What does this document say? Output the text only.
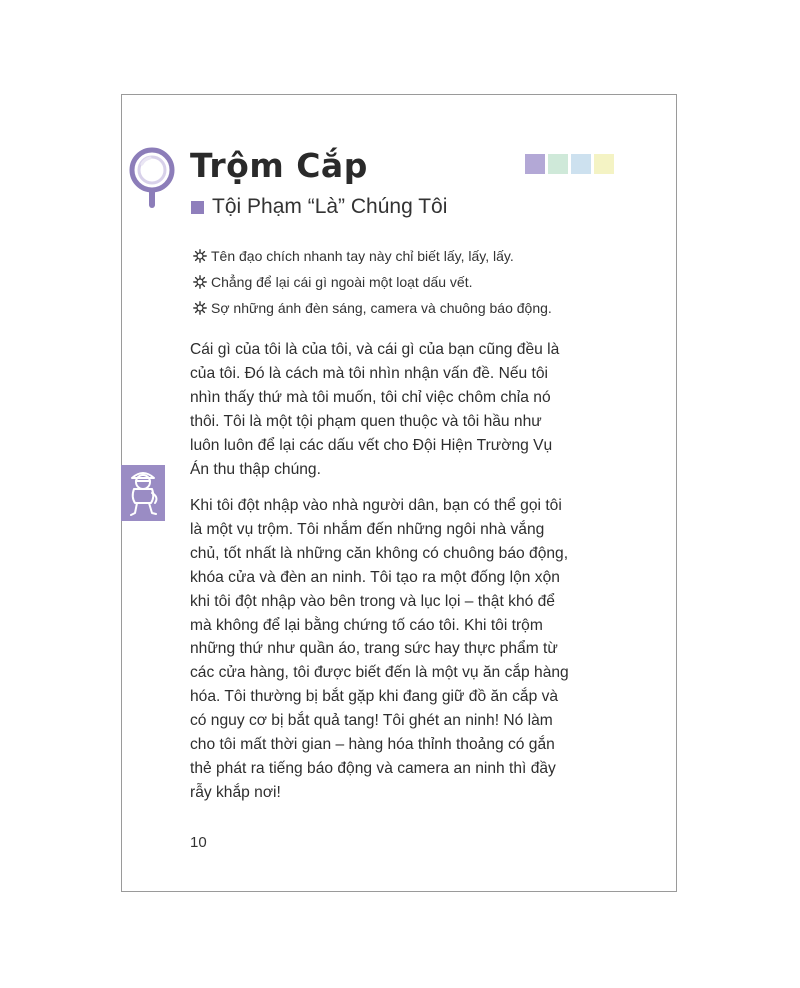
Trộm Cắp
Tội Phạm “Là” Chúng Tôi
Tên đạo chích nhanh tay này chỉ biết lấy, lấy, lấy.
Chẳng để lại cái gì ngoài một loạt dấu vết.
Sợ những ánh đèn sáng, camera và chuông báo động.

Cái gì của tôi là của tôi, và cái gì của bạn cũng đều là
của tôi. Đó là cách mà tôi nhìn nhận vấn đề. Nếu tôi
nhìn thấy thứ mà tôi muốn, tôi chỉ việc chôm chỉa nó
thôi. Tôi là một tội phạm quen thuộc và tôi hầu như
luôn luôn để lại các dấu vết cho Đội Hiện Trường Vụ
Án thu thập chúng.

Khi tôi đột nhập vào nhà người dân, bạn có thể gọi tôi
là một vụ trộm. Tôi nhắm đến những ngôi nhà vắng
chủ, tốt nhất là những căn không có chuông báo động,
khóa cửa và đèn an ninh. Tôi tạo ra một đống lộn xộn
khi tôi đột nhập vào bên trong và lục lọi – thật khó để
mà không để lại bằng chứng tố cáo tôi. Khi tôi trộm
những thứ như quần áo, trang sức hay thực phẩm từ
các cửa hàng, tôi được biết đến là một vụ ăn cắp hàng
hóa. Tôi thường bị bắt gặp khi đang giữ đồ ăn cắp và
có nguy cơ bị bắt quả tang! Tôi ghét an ninh! Nó làm
cho tôi mất thời gian – hàng hóa thỉnh thoảng có gắn
thẻ phát ra tiếng báo động và camera an ninh thì đầy
rẫy khắp nơi!

10
